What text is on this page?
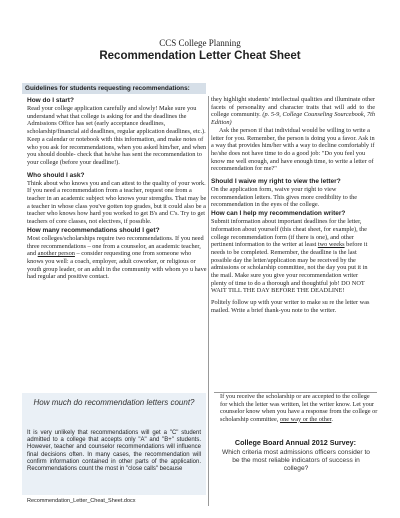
CCS College Planning
Recommendation Letter Cheat Sheet
Guidelines for students requesting recommendations:
How do I start?

Read your college application carefully and slowly! Make sure you understand what that college is asking for and the deadlines the Admissions Office has set (early acceptance deadlines, scholarship/financial aid deadlines, regular application deadlines, etc.). Keep a calendar or notebook with this information, and make notes of who you ask for recommendations, when you asked him/her, and when you should double- check that he/she has sent the recommendation to your college (before your deadline!).

Who should I ask?

Think about who knows you and can attest to the quality of your work. If you need a recommendation from a teacher, request one from a teacher in an academic subject who knows your strengths. That may be a teacher in whose class you've gotten top grades, but it could also be a teacher who knows how hard you worked to get B's and C's. Try to get teachers of core classes, not electives, if possible.

How many recommendations should I get?

Most colleges/scholarships require two recommendations. If you need three recommendations – one from a counselor, an academic teacher, and another person – consider requesting one from someone who knows you well: a coach, employer, adult coworker, or religious or youth group leader, or an adult in the community with whom yo u have had regular and positive contact.

How much do recommendation letters count?
It is very unlikely that recommendations will get a "C" student admitted to a college that accepts only "A" and "B+" students. However, teacher and counselor recommendations will influence final decisions often. In many cases, the recommendation will confirm information contained in other parts of the application. Recommendations count the most in "close calls" because
Recommendation_Letter_Cheat_Sheet.docx

they highlight students' intellectual qualities and illuminate other facets of personality and character traits that will add to the college community. (p. 5-9, College Counseling Sourcebook, 7th Edition)

Ask the person if that individual would be willing to write a letter for you. Remember, the person is doing you a favor. Ask in a way that provides him/her with a way to decline comfortably if he/she does not have time to do a good job: "Do you feel you know me well enough, and have enough time, to write a letter of recommendation for me?"

Should I waive my right to view the letter?

On the application form, waive your right to view recommendation letters. This gives more credibility to the recommendation in the eyes of the college.

How can I help my recommendation writer?

Submit information about important deadlines for the letter, information about yourself (this cheat sheet, for example), the college recommendation form (if there is one), and other pertinent information to the writer at least two weeks before it needs to be completed. Remember, the deadline is the last possible day the letter/application may be received by the admissions or scholarship committee, not the day you put it in the mail. Make sure you give your recommendation writer plenty of time to do a thorough and thoughtful job! DO NOT WAIT TILL THE DAY BEFORE THE DEADLINE!

Politely follow up with your writer to make su re the letter was mailed. Write a brief thank-you note to the writer.

If you receive the scholarship or are accepted to the college for which the letter was written, let the writer know. Let your counselor know when you have a response from the college or scholarship committee, one way or the other.
College Board Annual 2012 Survey:
Which criteria most admissions officers consider to be the most reliable indicators of success in college?
